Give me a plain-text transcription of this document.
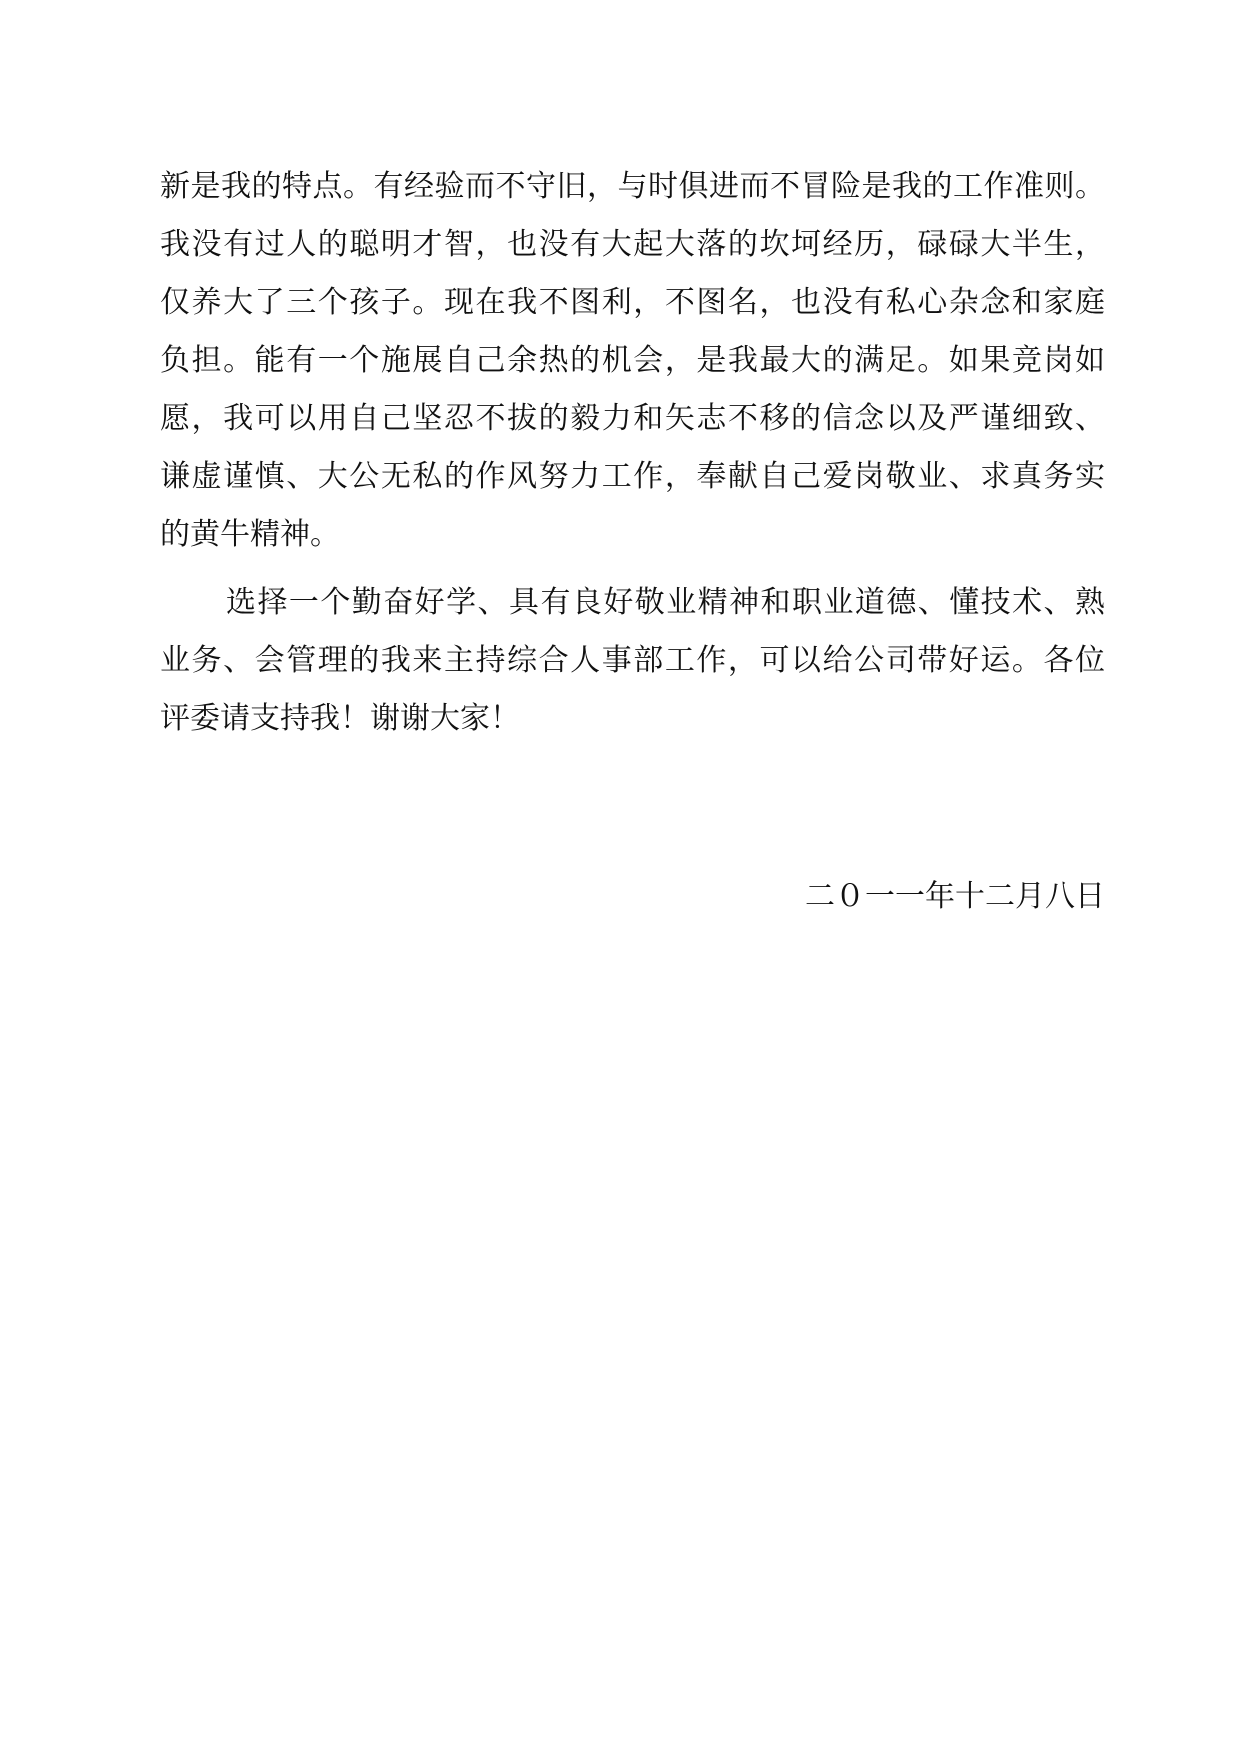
新是我的特点。有经验而不守旧，与时俱进而不冒险是我的工作准则。
我没有过人的聪明才智，也没有大起大落的坎坷经历，碌碌大半生，
仅养大了三个孩子。现在我不图利，不图名，也没有私心杂念和家庭
负担。能有一个施展自己余热的机会，是我最大的满足。如果竞岗如
愿，我可以用自己坚忍不拔的毅力和矢志不移的信念以及严谨细致、
谦虚谨慎、大公无私的作风努力工作，奉献自己爱岗敬业、求真务实
的黄牛精神。
选择一个勤奋好学、具有良好敬业精神和职业道德、懂技术、熟
业务、会管理的我来主持综合人事部工作，可以给公司带好运。各位
评委请支持我！谢谢大家！
二０一一年十二月八日
